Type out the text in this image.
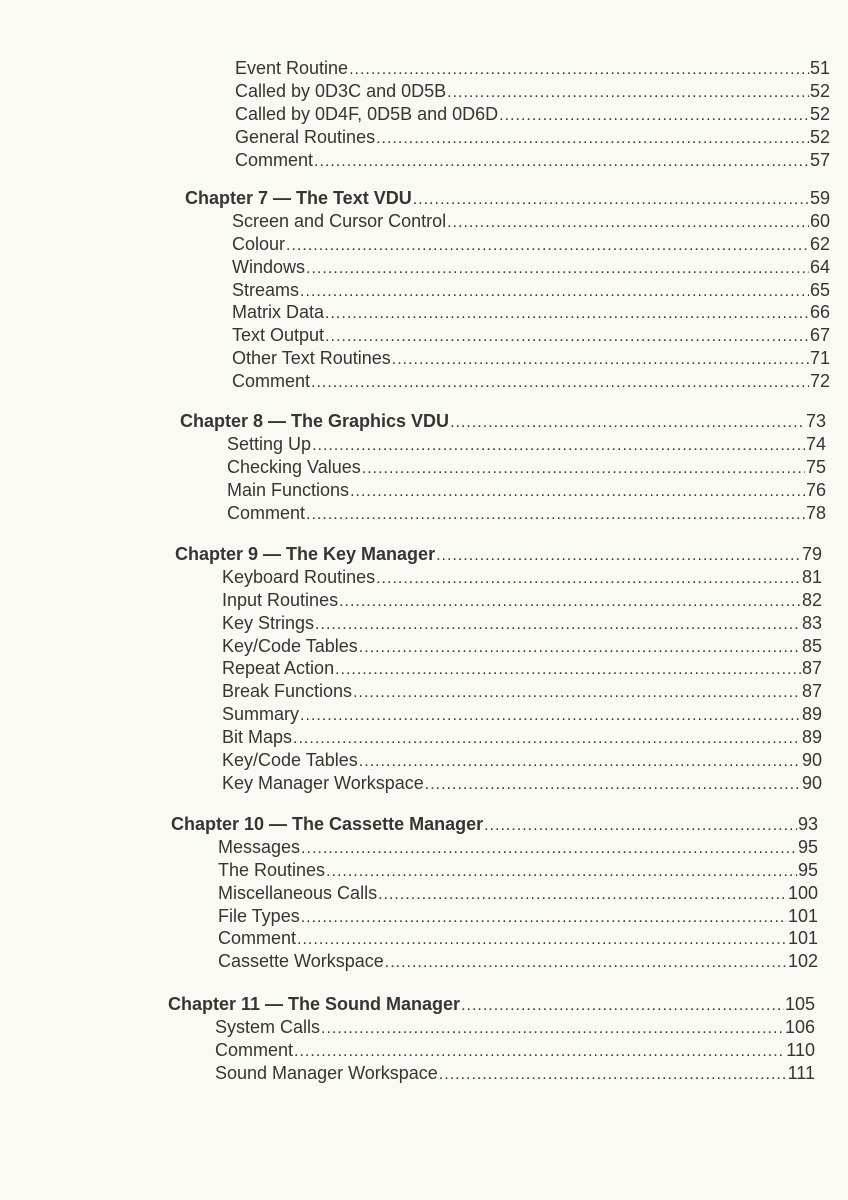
Event Routine .....	51
Called by 0D3C and 0D5B .....	52
Called by 0D4F, 0D5B and 0D6D .....	52
General Routines .....	52
Comment .....	57
Chapter 7 — The Text VDU .....	59
Screen and Cursor Control .....	60
Colour .....	62
Windows .....	64
Streams .....	65
Matrix Data .....	66
Text Output .....	67
Other Text Routines .....	71
Comment .....	72
Chapter 8 — The Graphics VDU .....	73
Setting Up .....	74
Checking Values .....	75
Main Functions .....	76
Comment .....	78
Chapter 9 — The Key Manager .....	79
Keyboard Routines .....	81
Input Routines .....	82
Key Strings .....	83
Key/Code Tables .....	85
Repeat Action .....	87
Break Functions .....	87
Summary .....	89
Bit Maps .....	89
Key/Code Tables .....	90
Key Manager Workspace .....	90
Chapter 10 — The Cassette Manager .....	93
Messages .....	95
The Routines .....	95
Miscellaneous Calls .....	100
File Types .....	101
Comment .....	101
Cassette Workspace .....	102
Chapter 11 — The Sound Manager .....	105
System Calls .....	106
Comment .....	110
Sound Manager Workspace .....	111
